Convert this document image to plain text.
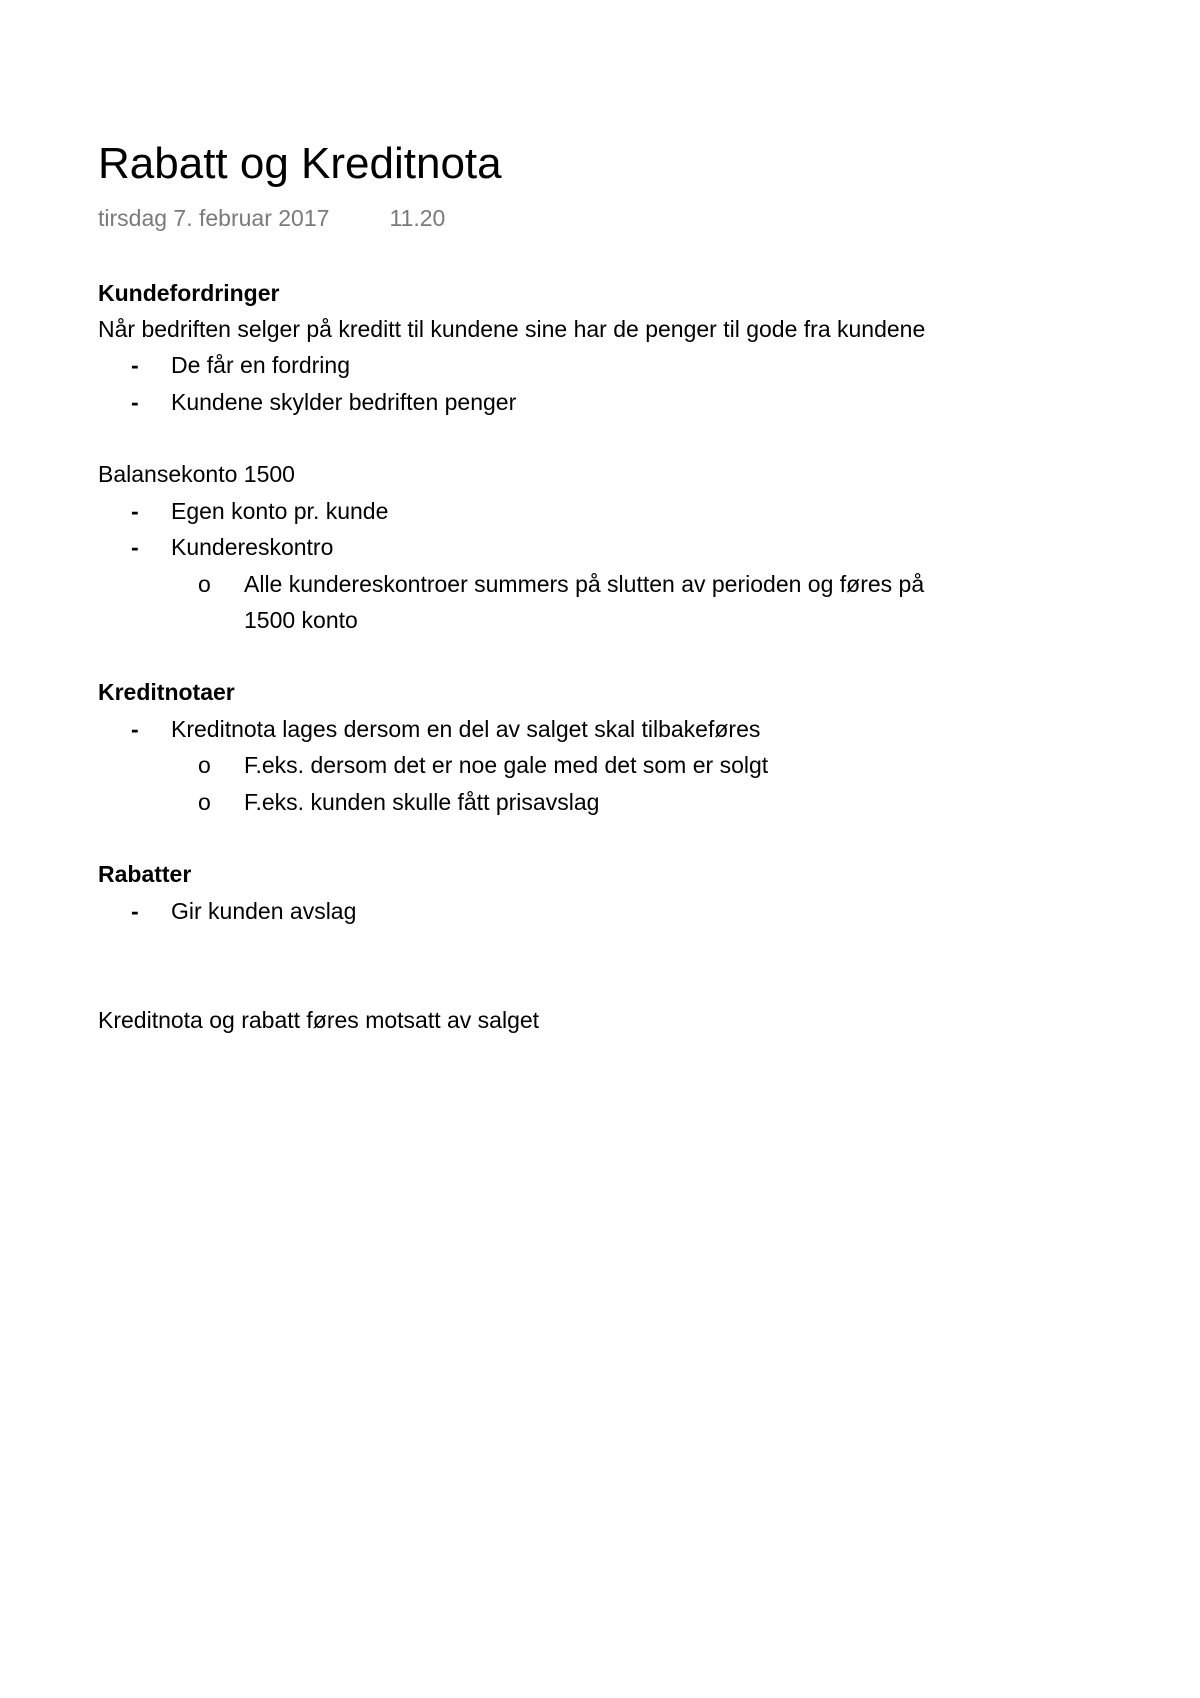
Rabatt og Kreditnota
tirsdag 7. februar 2017	11.20
Kundefordringer
Når bedriften selger på kreditt til kundene sine har de penger til gode fra kundene
- De får en fordring
- Kundene skylder bedriften penger
Balansekonto 1500
- Egen konto pr. kunde
- Kundereskontro
o Alle kundereskontroer summers på slutten av perioden og føres på
1500 konto
Kreditnotaer
- Kreditnota lages dersom en del av salget skal tilbakeføres
o F.eks. dersom det er noe gale med det som er solgt
o F.eks. kunden skulle fått prisavslag
Rabatter
- Gir kunden avslag
Kreditnota og rabatt føres motsatt av salget
